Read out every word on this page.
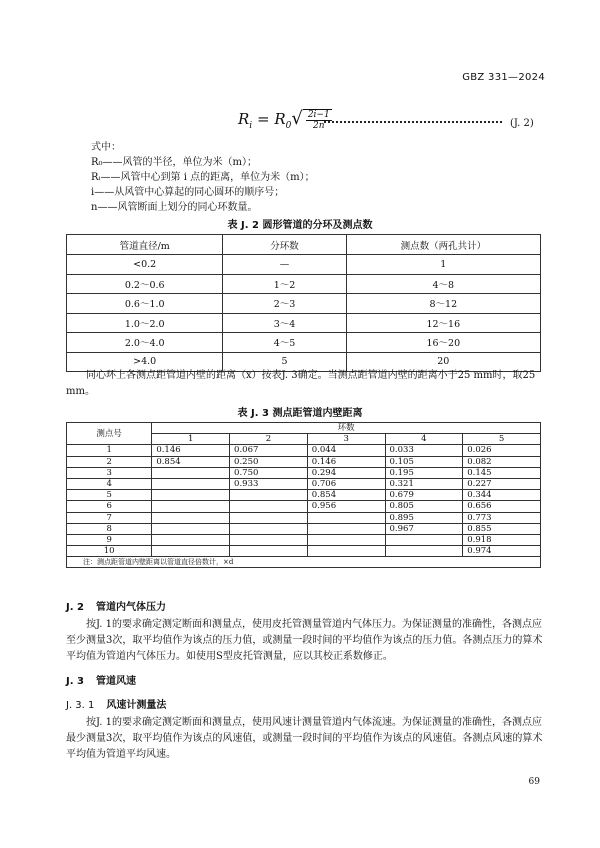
GBZ 331—2024
$R_i = R_0√ \frac{2i-1}{2n}$	(J. 2)
式中：
R₀——风管的半径，单位为米（m）；
Rᵢ——风管中心到第 i 点的距离，单位为米（m）；
i——从风管中心算起的同心圆环的顺序号；
n——风管断面上划分的同心环数量。
表 J. 2 圆形管道的分环及测点数
管道直径/m	分环数	测点数（两孔共计）
<0.2	—	1
0.2～0.6	1～2	4～8
0.6～1.0	2～3	8～12
1.0～2.0	3～4	12～16
2.0～4.0	4～5	16～20
>4.0	5	20
同心环上各测点距管道内壁的距离（x）按表J. 3确定。当测点距管道内壁的距离小于25 mm时，取25 mm。
表 J. 3 测点距管道内壁距离
测点号	环数				
	1	2	3	4	5
1	0.146	0.067	0.044	0.033	0.026
2	0.854	0.250	0.146	0.105	0.082
3		0.750	0.294	0.195	0.145
4		0.933	0.706	0.321	0.227
5			0.854	0.679	0.344
6			0.956	0.805	0.656
7				0.895	0.773
8				0.967	0.855
9					0.918
10					0.974
注：测点距管道内壁距离以管道直径倍数计，×d					
J. 2 管道内气体压力
按J. 1的要求确定测定断面和测量点，使用皮托管测量管道内气体压力。为保证测量的准确性，各测点应至少测量3次，取平均值作为该点的压力值，或测量一段时间的平均值作为该点的压力值。各测点压力的算术平均值为管道内气体压力。如使用S型皮托管测量，应以其校正系数修正。
J. 3 管道风速
J. 3. 1 风速计测量法
按J. 1的要求确定测定断面和测量点，使用风速计测量管道内气体流速。为保证测量的准确性，各测点应最少测量3次，取平均值作为该点的风速值，或测量一段时间的平均值作为该点的风速值。各测点风速的算术平均值为管道平均风速。
69
